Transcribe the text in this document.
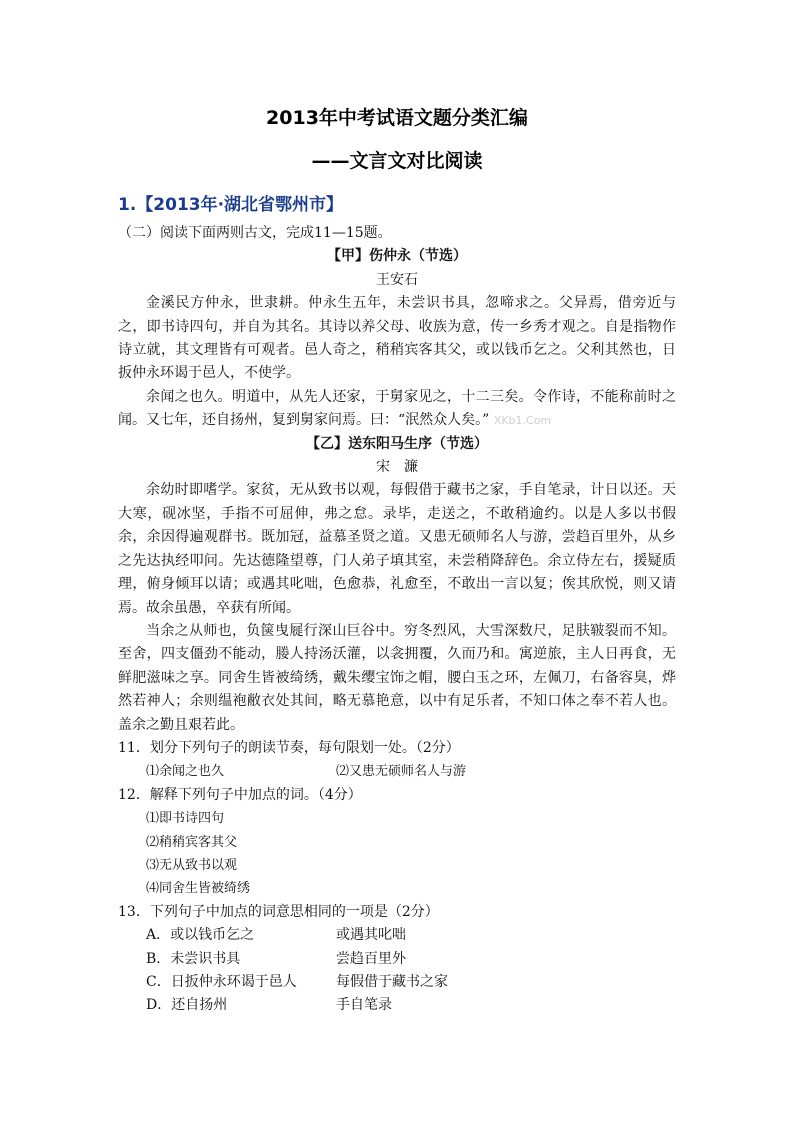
2013年中考试语文题分类汇编
——文言文对比阅读
1.【2013年·湖北省鄂州市】

（二）阅读下面两则古文，完成11—15题。

【甲】伤仲永（节选）

王安石

金溪民方仲永，世隶耕。仲永生五年，未尝识书具，忽啼求之。父异焉，借旁近与之，即书诗四句，并自为其名。其诗以养父母、收族为意，传一乡秀才观之。自是指物作诗立就，其文理皆有可观者。邑人奇之，稍稍宾客其父，或以钱币乞之。父利其然也，日扳仲永环谒于邑人，不使学。

余闻之也久。明道中，从先人还家，于舅家见之，十二三矣。令作诗，不能称前时之闻。又七年，还自扬州，复到舅家问焉。曰：“泯然众人矣。” XKb1.Com

【乙】送东阳马生序（节选）

宋　濂

余幼时即嗜学。家贫，无从致书以观，每假借于藏书之家，手自笔录，计日以还。天大寒，砚冰坚，手指不可屈伸，弗之怠。录毕，走送之，不敢稍逾约。以是人多以书假余，余因得遍观群书。既加冠，益慕圣贤之道。又患无硕师名人与游，尝趋百里外，从乡之先达执经叩问。先达德隆望尊，门人弟子填其室，未尝稍降辞色。余立侍左右，援疑质理，俯身倾耳以请；或遇其叱咄，色愈恭，礼愈至，不敢出一言以复；俟其欣悦，则又请焉。故余虽愚，卒获有所闻。

当余之从师也，负箧曳屣行深山巨谷中。穷冬烈风，大雪深数尺，足肤皲裂而不知。至舍，四支僵劲不能动，媵人持汤沃灌，以衾拥覆，久而乃和。寓逆旅，主人日再食，无鲜肥滋味之享。同舍生皆被绮绣，戴朱缨宝饰之帽，腰白玉之环，左佩刀，右备容臭，烨然若神人；余则缊袍敝衣处其间，略无慕艳意，以中有足乐者，不知口体之奉不若人也。盖余之勤且艰若此。

11．划分下列句子的朗读节奏，每句限划一处。（2分）

⑴余闻之也久	⑵又患无硕师名人与游

12．解释下列句子中加点的词。（4分）

⑴即书诗四句

⑵稍稍宾客其父

⑶无从致书以观

⑷同舍生皆被绮绣

13．下列句子中加点的词意思相同的一项是（2分）

A．或以钱币乞之	或遇其叱咄
B．未尝识书具	尝趋百里外
C．日扳仲永环谒于邑人	每假借于藏书之家
D．还自扬州	手自笔录
